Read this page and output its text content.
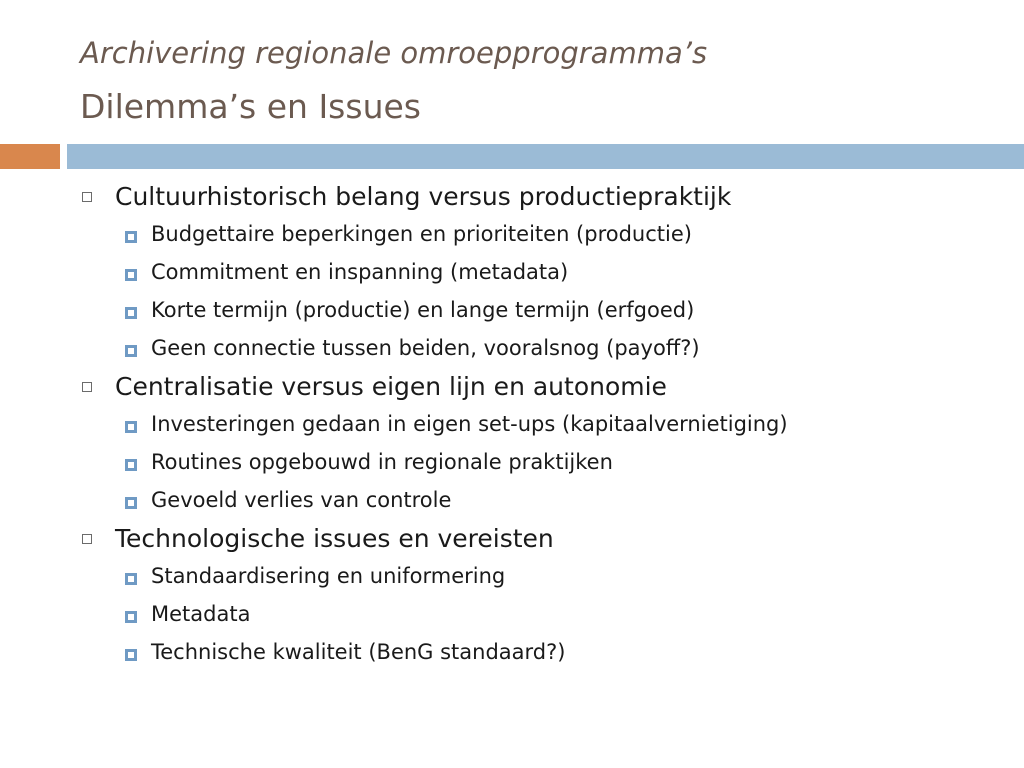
Archivering regionale omroepprogramma’s
Dilemma’s en Issues
Cultuurhistorisch belang versus productiepraktijk
Budgettaire beperkingen en prioriteiten (productie)
Commitment en inspanning (metadata)
Korte termijn (productie) en lange termijn (erfgoed)
Geen connectie tussen beiden, vooralsnog (payoff?)
Centralisatie versus eigen lijn en autonomie
Investeringen gedaan in eigen set-ups (kapitaalvernietiging)
Routines opgebouwd in regionale praktijken
Gevoeld verlies van controle
Technologische issues en vereisten
Standaardisering en uniformering
Metadata
Technische kwaliteit (BenG standaard?)
